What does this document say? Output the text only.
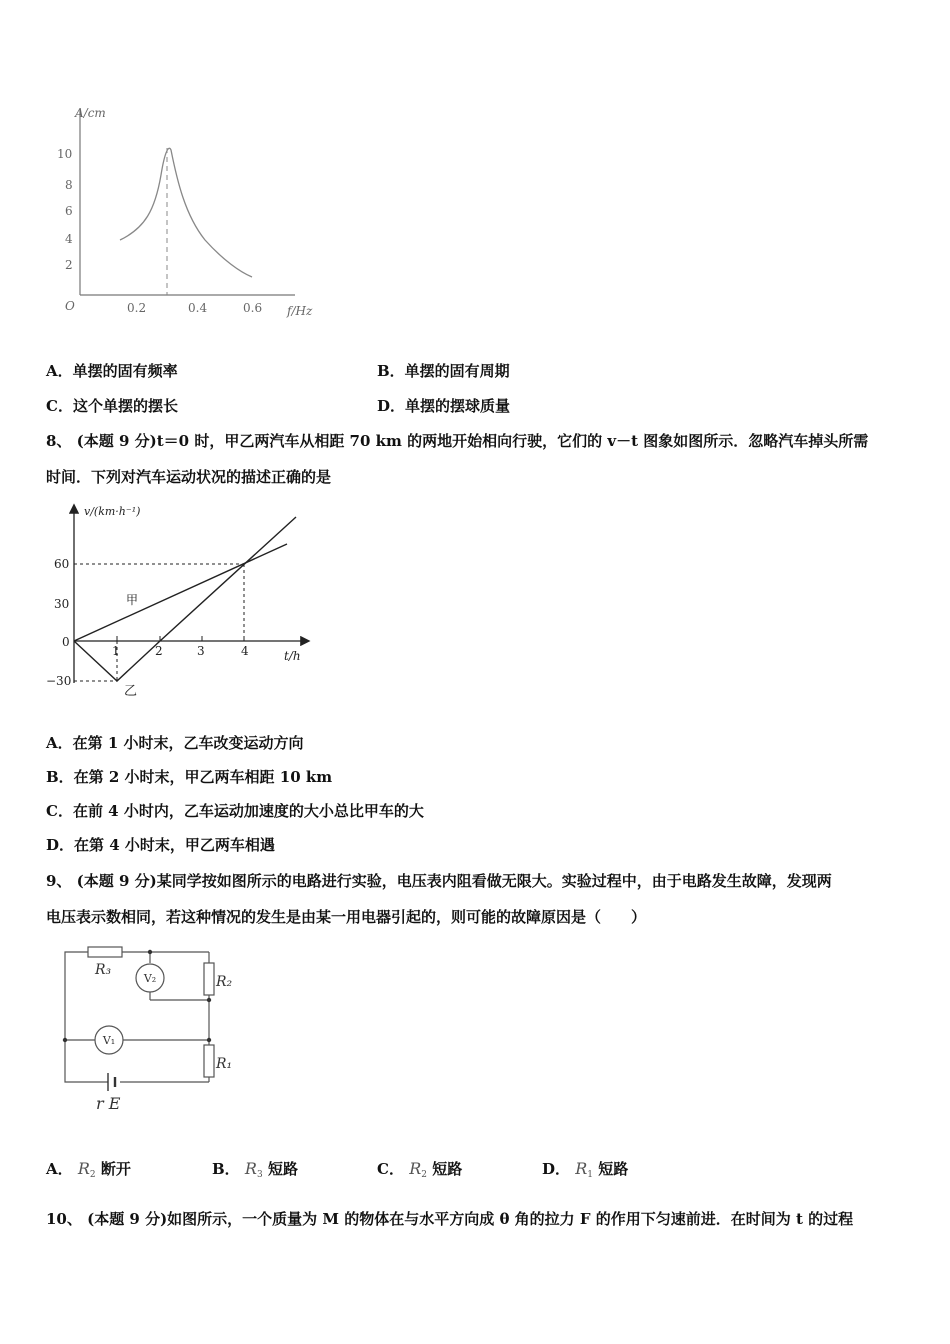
A/cm
f/Hz
O
10
8
6
4
2
0.2	0.4	0.6
A．单摆的固有频率	B．单摆的固有周期
C．这个单摆的摆长	D．单摆的摆球质量
8、 (本题 9 分)t＝0 时，甲乙两汽车从相距 70 km 的两地开始相向行驶，它们的 v－t 图象如图所示．忽略汽车掉头所需
时间．下列对汽车运动状况的描述正确的是
v/(km·h⁻¹)
t/h
60
30
0
−30
1	2	3	4
甲
乙
A．在第 1 小时末，乙车改变运动方向
B．在第 2 小时末，甲乙两车相距 10 km
C．在前 4 小时内，乙车运动加速度的大小总比甲车的大
D．在第 4 小时末，甲乙两车相遇
9、 (本题 9 分)某同学按如图所示的电路进行实验，电压表内阻看做无限大。实验过程中，由于电路发生故障，发现两
电压表示数相同，若这种情况的发生是由某一用电器引起的，则可能的故障原因是（　　）
R₃
R₂
R₁
V₂
V₁
r E
A． $R_2$ 断开	B． $R_3$ 短路	C． $R_2$ 短路	D． $R_1$ 短路
10、 (本题 9 分)如图所示，一个质量为 M 的物体在与水平方向成 θ 角的拉力 F 的作用下匀速前进．在时间为 t 的过程
